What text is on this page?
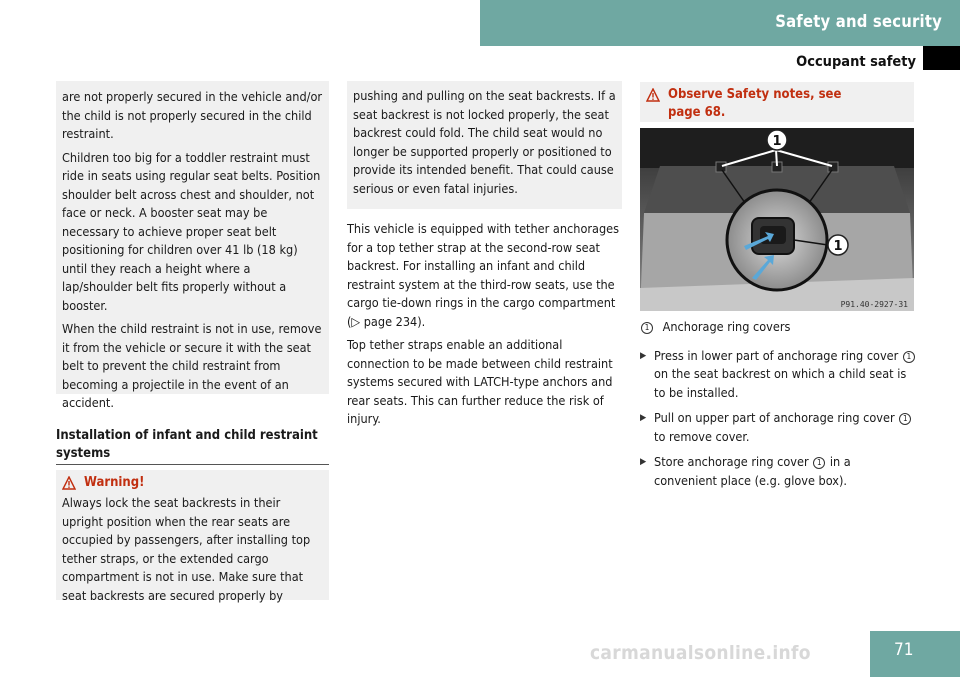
Safety and security
Occupant safety

are not properly secured in the vehicle and/or the child is not properly secured in the child restraint.

Children too big for a toddler restraint must ride in seats using regular seat belts. Position shoulder belt across chest and shoulder, not face or neck. A booster seat may be necessary to achieve proper seat belt positioning for children over 41 lb (18 kg) until they reach a height where a lap/shoulder belt fits properly without a booster.

When the child restraint is not in use, remove it from the vehicle or secure it with the seat belt to prevent the child restraint from becoming a projectile in the event of an accident.

Installation of infant and child restraint systems
Warning!

Always lock the seat backrests in their upright position when the rear seats are occupied by passengers, after installing top tether straps, or the extended cargo compartment is not in use. Make sure that seat backrests are secured properly by

pushing and pulling on the seat backrests. If a seat backrest is not locked properly, the seat backrest could fold. The child seat would no longer be supported properly or positioned to provide its intended benefit. That could cause serious or even fatal injuries.

This vehicle is equipped with tether anchorages for a top tether strap at the second-row seat backrest. For installing an infant and child restraint system at the third-row seats, use the cargo tie-down rings in the cargo compartment (▷ page 234).

Top tether straps enable an additional connection to be made between child restraint systems secured with LATCH-type anchors and rear seats. This can further reduce the risk of injury.

Observe Safety notes, see
page 68.
1
1
P91.40-2927-31

1 Anchorage ring covers

▶ Press in lower part of anchorage ring cover 1 on the seat backrest on which a child seat is to be installed.

▶ Pull on upper part of anchorage ring cover 1 to remove cover.

▶ Store anchorage ring cover 1 in a convenient place (e.g. glove box).

carmanualsonline.info	71
